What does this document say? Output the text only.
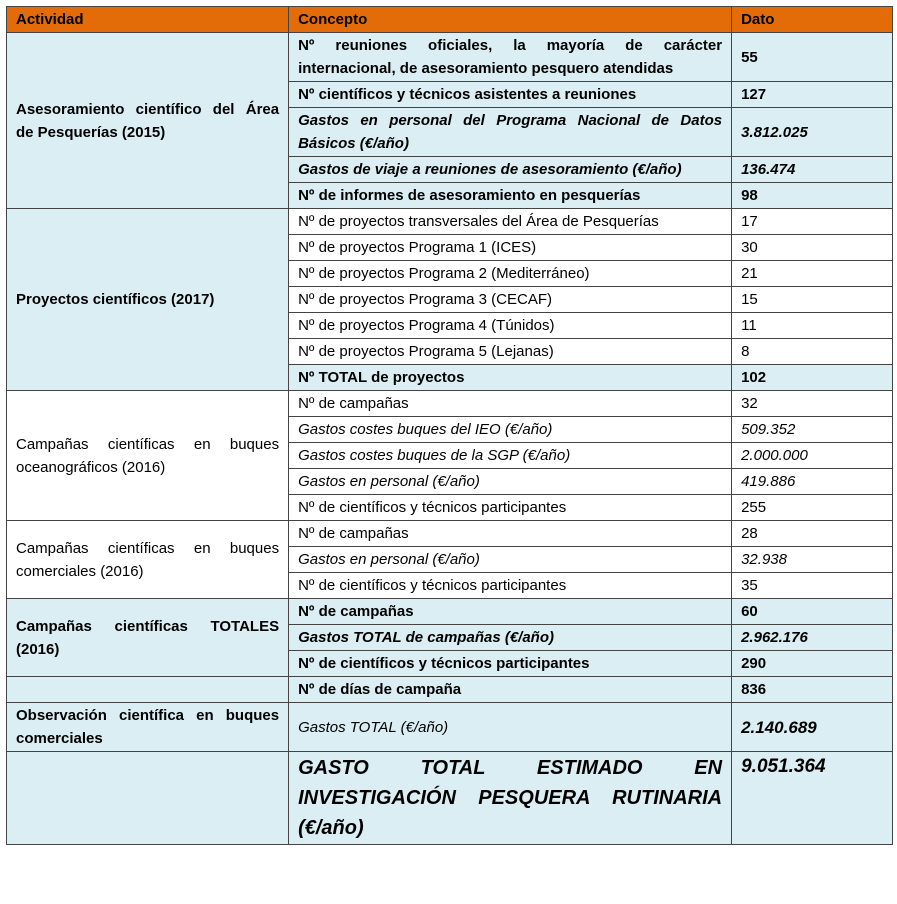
Actividad	Concepto	Dato
Asesoramiento científico del Área de Pesquerías (2015)	Nº reuniones oficiales, la mayoría de carácter internacional, de asesoramiento pesquero atendidas	55
	Nº científicos y técnicos asistentes a reuniones	127
	Gastos en personal del Programa Nacional de Datos Básicos (€/año)	3.812.025
	Gastos de viaje a reuniones de asesoramiento (€/año)	136.474
	Nº de informes de asesoramiento en pesquerías	98
Proyectos científicos (2017)	Nº de proyectos transversales del Área de Pesquerías	17
	Nº de proyectos Programa 1 (ICES)	30
	Nº de proyectos Programa 2 (Mediterráneo)	21
	Nº de proyectos Programa 3 (CECAF)	15
	Nº de proyectos Programa 4 (Túnidos)	11
	Nº de proyectos Programa 5 (Lejanas)	8
	Nº TOTAL de proyectos	102
Campañas científicas en buques oceanográficos (2016)	Nº de campañas	32
	Gastos costes buques del IEO (€/año)	509.352
	Gastos costes buques de la SGP (€/año)	2.000.000
	Gastos en personal (€/año)	419.886
	Nº de científicos y técnicos participantes	255
Campañas científicas en buques comerciales (2016)	Nº de campañas	28
	Gastos en personal (€/año)	32.938
	Nº de científicos y técnicos participantes	35
Campañas científicas TOTALES (2016)	Nº de campañas	60
	Gastos TOTAL de campañas (€/año)	2.962.176
	Nº de científicos y técnicos participantes	290
	Nº de días de campaña	836
Observación científica en buques comerciales	Gastos TOTAL (€/año)	2.140.689
	GASTO TOTAL ESTIMADO EN INVESTIGACIÓN PESQUERA RUTINARIA (€/año)	9.051.364
